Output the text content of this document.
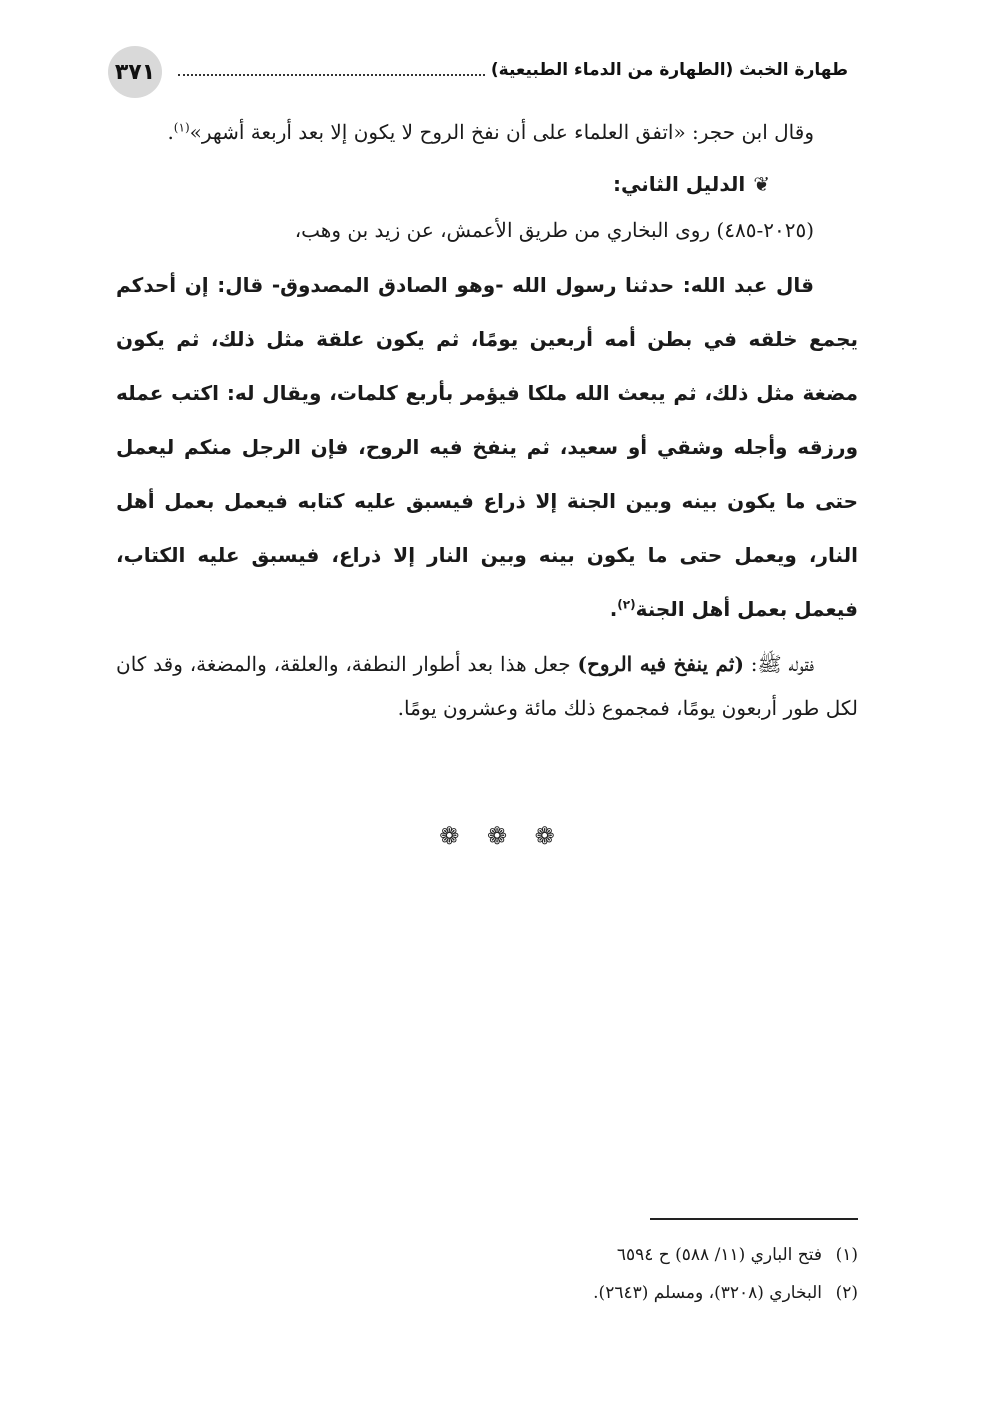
٣٧١	طهارة الخبث (الطهارة من الدماء الطبيعية)

وقال ابن حجر: «اتفق العلماء على أن نفخ الروح لا يكون إلا بعد أربعة أشهر»$^{(١)}$.

❦الدليل الثاني:

(٢٠٢٥-٤٨٥) روى البخاري من طريق الأعمش، عن زيد بن وهب،

قال عبد الله: حدثنا رسول الله -وهو الصادق المصدوق- قال: إن أحدكم يجمع خلقه في بطن أمه أربعين يومًا، ثم يكون علقة مثل ذلك، ثم يكون مضغة مثل ذلك، ثم يبعث الله ملكا فيؤمر بأربع كلمات، ويقال له: اكتب عمله ورزقه وأجله وشقي أو سعيد، ثم ينفخ فيه الروح، فإن الرجل منكم ليعمل حتى ما يكون بينه وبين الجنة إلا ذراع فيسبق عليه كتابه فيعمل بعمل أهل النار، ويعمل حتى ما يكون بينه وبين النار إلا ذراع، فيسبق عليه الكتاب، فيعمل بعمل أهل الجنة$^{(٢)}$.

فقوله ﷺ: (ثم ينفخ فيه الروح) جعل هذا بعد أطوار النطفة، والعلقة، والمضغة، وقد كان لكل طور أربعون يومًا، فمجموع ذلك مائة وعشرون يومًا.

❁ ❁ ❁
(١)فتح الباري (١١/ ٥٨٨) ح ٦٥٩٤
(٢)البخاري (٣٢٠٨)، ومسلم (٢٦٤٣).
